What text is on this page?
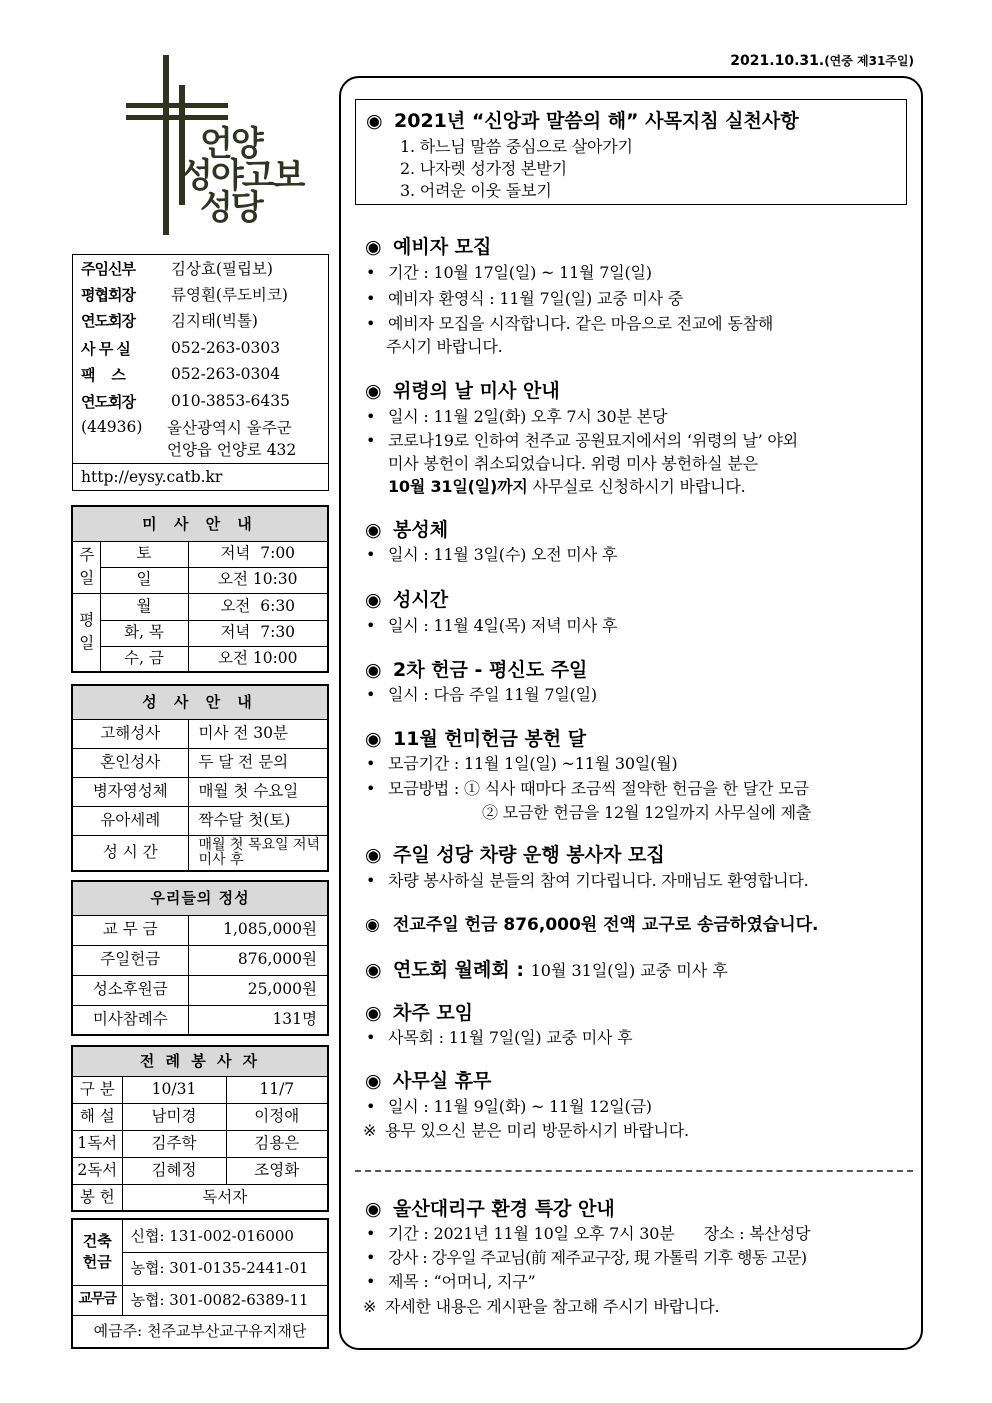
2021.10.31.(연중 제31주일)
언양
성야고보
성당
주임신부	김상효(필립보)
평협회장	류영훤(루도비코)
연도회장	김지태(빅톨)
사 무 실	052-263-0303
팩    스	052-263-0304
연도회장	010-3853-6435
(44936)	울산광역시 울주군
언양읍 언양로 432
http://eysy.catb.kr
미 사 안 내		
주일	토	저녁  7:00
	일	오전 10:30
평일	월	오전  6:30
	화, 목	저녁  7:30
	수, 금	오전 10:00
성 사 안 내	
고해성사	미사 전 30분
혼인성사	두 달 전 문의
병자영성체	매월 첫 수요일
유아세례	짝수달 첫(토)
성 시 간	매월 첫 목요일 저녁미사 후
우리들의 정성	
교 무 금	1,085,000원
주일헌금	876,000원
성소후원금	25,000원
미사참례수	131명
전 례 봉 사 자		
구 분	10/31	11/7
해 설	남미경	이정애
1독서	김주학	김용은
2독서	김혜정	조영화
봉 헌	독서자	
건축헌금	신협: 131-002-016000
	농협: 301-0135-2441-01
교무금	농협: 301-0082-6389-11
예금주: 천주교부산교구유지재단	
◉ 2021년 “신앙과 말씀의 해” 사목지침 실천사항
1. 하느님 말씀 중심으로 살아가기
2. 나자렛 성가정 본받기
3. 어려운 이웃 돌보기
◉ 예비자 모집
• 기간 : 10월 17일(일) ~ 11월 7일(일)
• 예비자 환영식 : 11월 7일(일) 교중 미사 중
• 예비자 모집을 시작합니다. 같은 마음으로 전교에 동참해
주시기 바랍니다.
◉ 위령의 날 미사 안내
• 일시 : 11월 2일(화) 오후 7시 30분 본당
• 코로나19로 인하여 천주교 공원묘지에서의 ‘위령의 날’ 야외
미사 봉헌이 취소되었습니다. 위령 미사 봉헌하실 분은
10월 31일(일)까지 사무실로 신청하시기 바랍니다.
◉ 봉성체
• 일시 : 11월 3일(수) 오전 미사 후
◉ 성시간
• 일시 : 11월 4일(목) 저녁 미사 후
◉ 2차 헌금 - 평신도 주일
• 일시 : 다음 주일 11월 7일(일)
◉ 11월 헌미헌금 봉헌 달
• 모금기간 : 11월 1일(일) ~11월 30일(월)
• 모금방법 : ① 식사 때마다 조금씩 절약한 헌금을 한 달간 모금
② 모금한 헌금을 12월 12일까지 사무실에 제출
◉ 주일 성당 차량 운행 봉사자 모집
• 차량 봉사하실 분들의 참여 기다립니다. 자매님도 환영합니다.
◉ 전교주일 헌금 876,000원 전액 교구로 송금하였습니다.
◉ 연도회 월례회 : 10월 31일(일) 교중 미사 후
◉ 차주 모임
• 사목회 : 11월 7일(일) 교중 미사 후
◉ 사무실 휴무
• 일시 : 11월 9일(화) ~ 11월 12일(금)
※ 용무 있으신 분은 미리 방문하시기 바랍니다.
◉ 울산대리구 환경 특강 안내
• 기간 : 2021년 11월 10일 오후 7시 30분      장소 : 복산성당
• 강사 : 강우일 주교님(前 제주교구장, 現 가톨릭 기후 행동 고문)
• 제목 : “어머니, 지구”
※ 자세한 내용은 게시판을 참고해 주시기 바랍니다.
